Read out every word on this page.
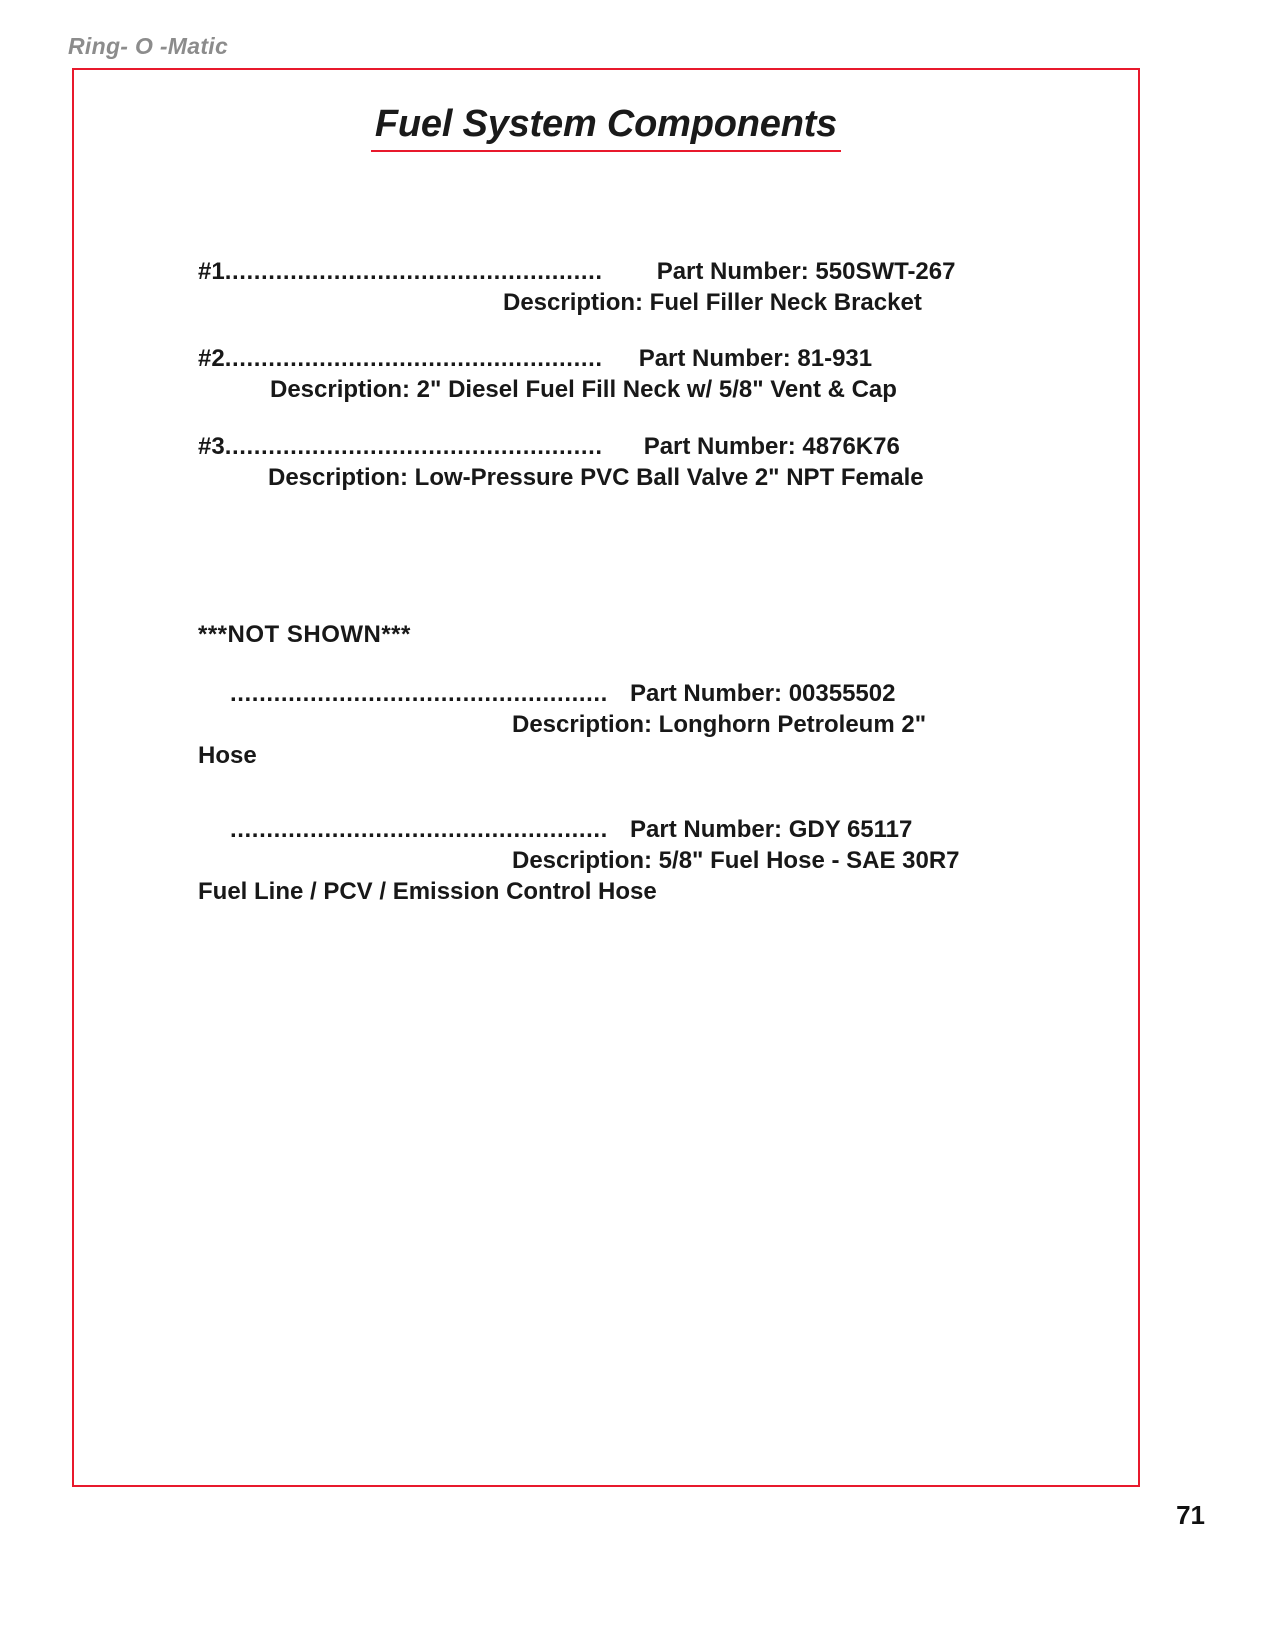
Ring- O -Matic
Fuel System Components
#1 ....................................................	Part Number: 550SWT-267
Description: Fuel Filler Neck Bracket
#2 ....................................................	Part Number: 81-931
Description: 2" Diesel Fuel Fill Neck w/ 5/8" Vent & Cap
#3 ....................................................	Part Number: 4876K76
Description: Low-Pressure PVC Ball Valve 2" NPT Female
***NOT SHOWN***
.................................................... Part Number: 00355502
Description: Longhorn Petroleum 2"
Hose
.................................................... Part Number: GDY 65117
Description: 5/8" Fuel Hose - SAE 30R7
Fuel Line / PCV / Emission Control Hose
71
